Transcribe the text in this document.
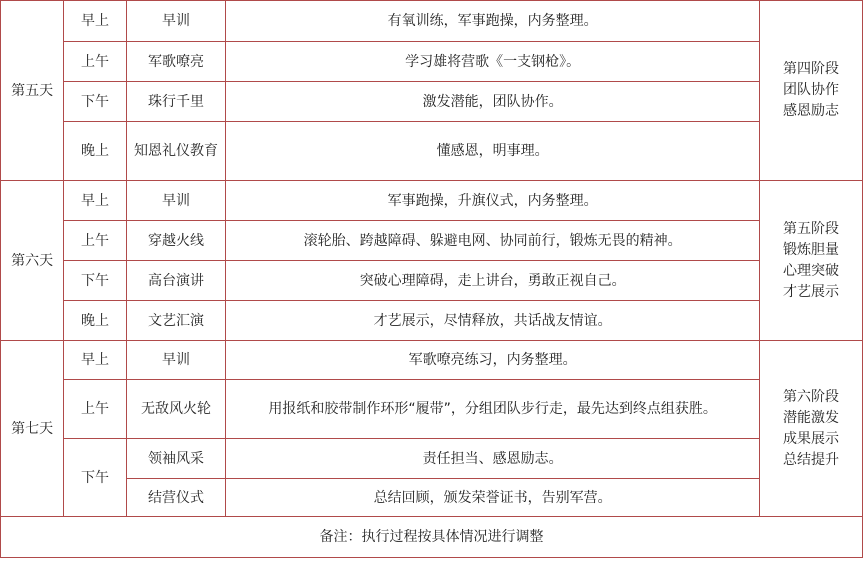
第五天	早上	早训	有氧训练，军事跑操，内务整理。	第四阶段
团队协作
感恩励志

	上午	军歌嘹亮	学习雄将营歌《一支钢枪》。	
	下午	珠行千里	激发潜能，团队协作。	
	晚上	知恩礼仪教育	懂感恩，明事理。	
第六天	早上	早训	军事跑操，升旗仪式，内务整理。	第五阶段
锻炼胆量
心理突破
才艺展示

	上午	穿越火线	滚轮胎、跨越障碍、躲避电网、协同前行，锻炼无畏的精神。	
	下午	高台演讲	突破心理障碍，走上讲台，勇敢正视自己。	
	晚上	文艺汇演	才艺展示，尽情释放，共话战友情谊。	
第七天	早上	早训	军歌嘹亮练习，内务整理。	第六阶段
潜能激发
成果展示
总结提升

	上午	无敌风火轮	用报纸和胶带制作环形“履带”，分组团队步行走，最先达到终点组获胜。	
	下午	领袖风采	责任担当、感恩励志。	
		结营仪式	总结回顾，颁发荣誉证书，告别军营。	
备注：执行过程按具体情况进行调整				
